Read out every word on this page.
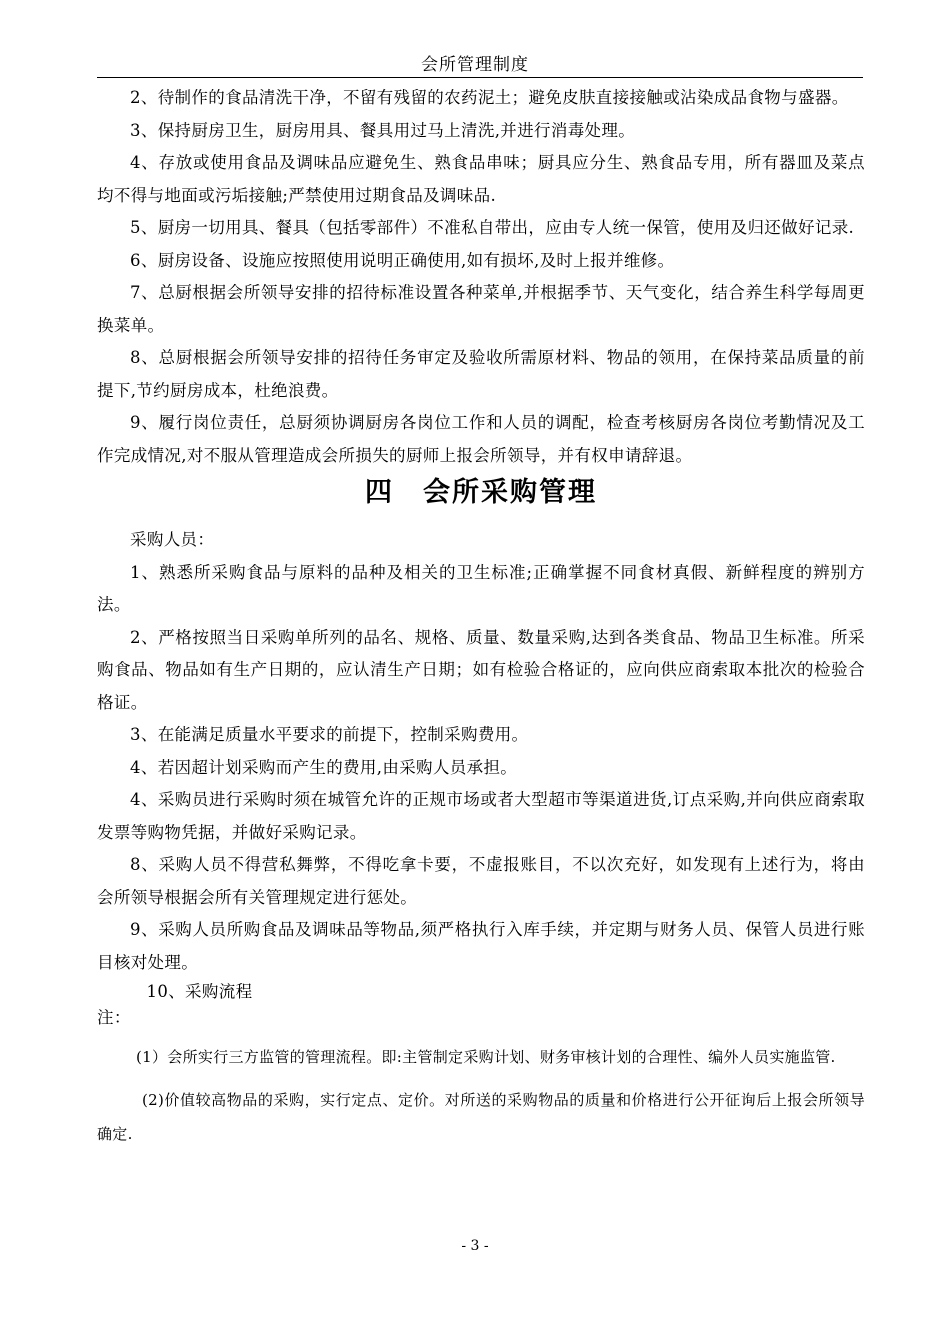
会所管理制度

2、待制作的食品清洗干净，不留有残留的农药泥土；避免皮肤直接接触或沾染成品食物与盛器。

3、保持厨房卫生，厨房用具、餐具用过马上清洗,并进行消毒处理。

4、存放或使用食品及调味品应避免生、熟食品串味；厨具应分生、熟食品专用，所有器皿及菜点均不得与地面或污垢接触;严禁使用过期食品及调味品.

5、厨房一切用具、餐具（包括零部件）不准私自带出，应由专人统一保管，使用及归还做好记录.

6、厨房设备、设施应按照使用说明正确使用,如有损坏,及时上报并维修。

7、总厨根据会所领导安排的招待标准设置各种菜单,并根据季节、天气变化，结合养生科学每周更换菜单。

8、总厨根据会所领导安排的招待任务审定及验收所需原材料、物品的领用，在保持菜品质量的前提下,节约厨房成本，杜绝浪费。

9、履行岗位责任，总厨须协调厨房各岗位工作和人员的调配，检查考核厨房各岗位考勤情况及工作完成情况,对不服从管理造成会所损失的厨师上报会所领导，并有权申请辞退。

四　会所采购管理

采购人员：

1、熟悉所采购食品与原料的品种及相关的卫生标准;正确掌握不同食材真假、新鲜程度的辨别方法。

2、严格按照当日采购单所列的品名、规格、质量、数量采购,达到各类食品、物品卫生标准。所采购食品、物品如有生产日期的，应认清生产日期；如有检验合格证的，应向供应商索取本批次的检验合格证。

3、在能满足质量水平要求的前提下，控制采购费用。

4、若因超计划采购而产生的费用,由采购人员承担。

4、采购员进行采购时须在城管允许的正规市场或者大型超市等渠道进货,订点采购,并向供应商索取发票等购物凭据，并做好采购记录。

8、采购人员不得营私舞弊，不得吃拿卡要，不虚报账目，不以次充好，如发现有上述行为，将由会所领导根据会所有关管理规定进行惩处。

9、采购人员所购食品及调味品等物品,须严格执行入库手续，并定期与财务人员、保管人员进行账目核对处理。

10、采购流程

注：

(1）会所实行三方监管的管理流程。即:主管制定采购计划、财务审核计划的合理性、编外人员实施监管.

(2)价值较高物品的采购，实行定点、定价。对所送的采购物品的质量和价格进行公开征询后上报会所领导确定.

- 3 -
